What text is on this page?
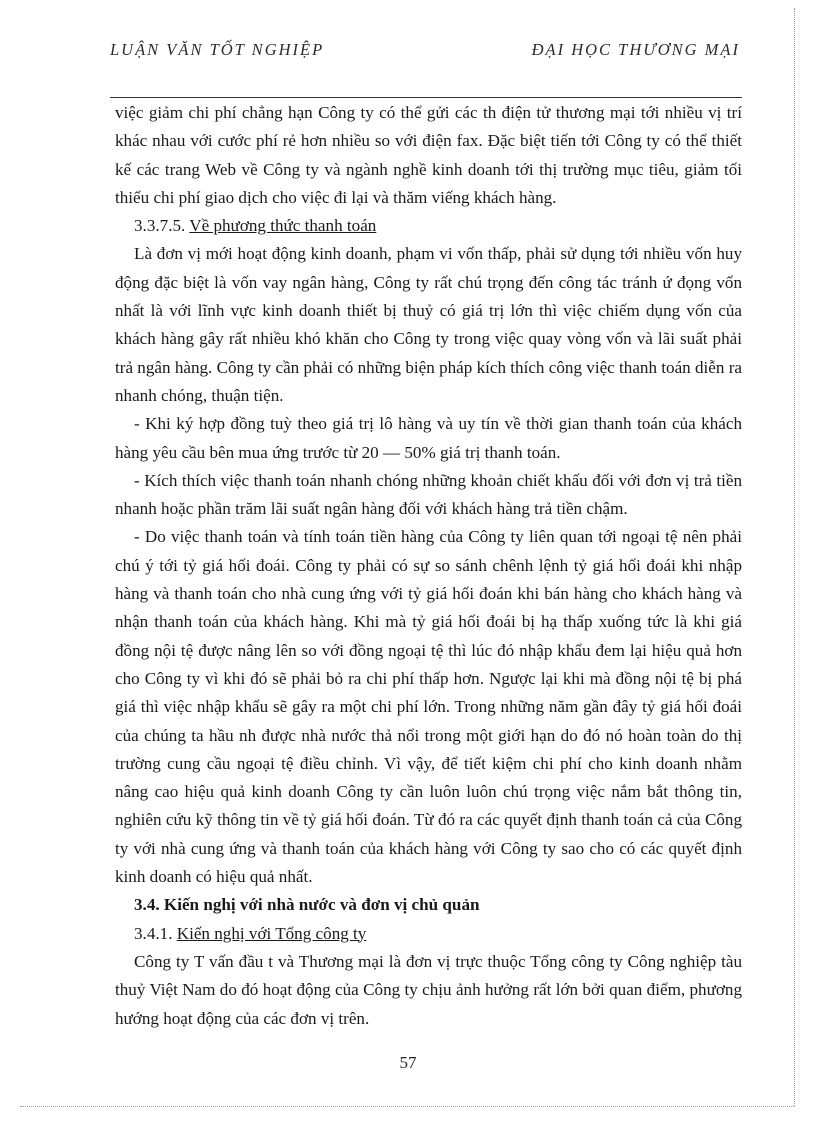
LUẬN VĂN TỐT NGHIỆP	ĐẠI HỌC THƯƠNG MẠI

việc giảm chi phí chẳng hạn Công ty có thể gửi các th điện tử thương mại tới nhiều vị trí khác nhau với cước phí rẻ hơn nhiều so với điện fax. Đặc biệt tiến tới Công ty có thể thiết kế các trang Web về Công ty và ngành nghề kinh doanh tới thị trường mục tiêu, giảm tối thiểu chi phí giao dịch cho việc đi lại và thăm viếng khách hàng.

3.3.7.5. Về phương thức thanh toán

Là đơn vị mới hoạt động kinh doanh, phạm vi vốn thấp, phải sử dụng tới nhiều vốn huy động đặc biệt là vốn vay ngân hàng, Công ty rất chú trọng đến công tác tránh ứ đọng vốn nhất là với lĩnh vực kinh doanh thiết bị thuỷ có giá trị lớn thì việc chiếm dụng vốn của khách hàng gây rất nhiều khó khăn cho Công ty trong việc quay vòng vốn và lãi suất phải trả ngân hàng. Công ty cần phải có những biện pháp kích thích công việc thanh toán diễn ra nhanh chóng, thuận tiện.

- Khi ký hợp đồng tuỳ theo giá trị lô hàng và uy tín về thời gian thanh toán của khách hàng yêu cầu bên mua ứng trước từ 20 — 50% giá trị thanh toán.

- Kích thích việc thanh toán nhanh chóng những khoản chiết khấu đối với đơn vị trả tiền nhanh hoặc phần trăm lãi suất ngân hàng đối với khách hàng trả tiền chậm.

- Do việc thanh toán và tính toán tiền hàng của Công ty liên quan tới ngoại tệ nên phải chú ý tới tỷ giá hối đoái. Công ty phải có sự so sánh chênh lệnh tỷ giá hối đoái khi nhập hàng và thanh toán cho nhà cung ứng với tỷ giá hối đoán khi bán hàng cho khách hàng và nhận thanh toán của khách hàng. Khi mà tỷ giá hối đoái bị hạ thấp xuống tức là khi giá đồng nội tệ được nâng lên so với đồng ngoại tệ thì lúc đó nhập khẩu đem lại hiệu quả hơn cho Công ty vì khi đó sẽ phải bỏ ra chi phí thấp hơn. Ngược lại khi mà đồng nội tệ bị phá giá thì việc nhập khẩu sẽ gây ra một chi phí lớn. Trong những năm gần đây tỷ giá hối đoái của chúng ta hầu nh được nhà nước thả nổi trong một giới hạn do đó nó hoàn toàn do thị trường cung cầu ngoại tệ điều chỉnh. Vì vậy, để tiết kiệm chi phí cho kinh doanh nhằm nâng cao hiệu quả kinh doanh Công ty cần luôn luôn chú trọng việc nắm bắt thông tin, nghiên cứu kỹ thông tin về tỷ giá hối đoán. Từ đó ra các quyết định thanh toán cả của Công ty với nhà cung ứng và thanh toán của khách hàng với Công ty sao cho có các quyết định kinh doanh có hiệu quả nhất.

3.4. Kiến nghị với nhà nước và đơn vị chủ quản

3.4.1. Kiến nghị với Tổng công ty

Công ty T vấn đầu t và Thương mại là đơn vị trực thuộc Tổng công ty Công nghiệp tàu thuỷ Việt Nam do đó hoạt động của Công ty chịu ảnh hưởng rất lớn bởi quan điểm, phương hướng hoạt động của các đơn vị trên.

57
